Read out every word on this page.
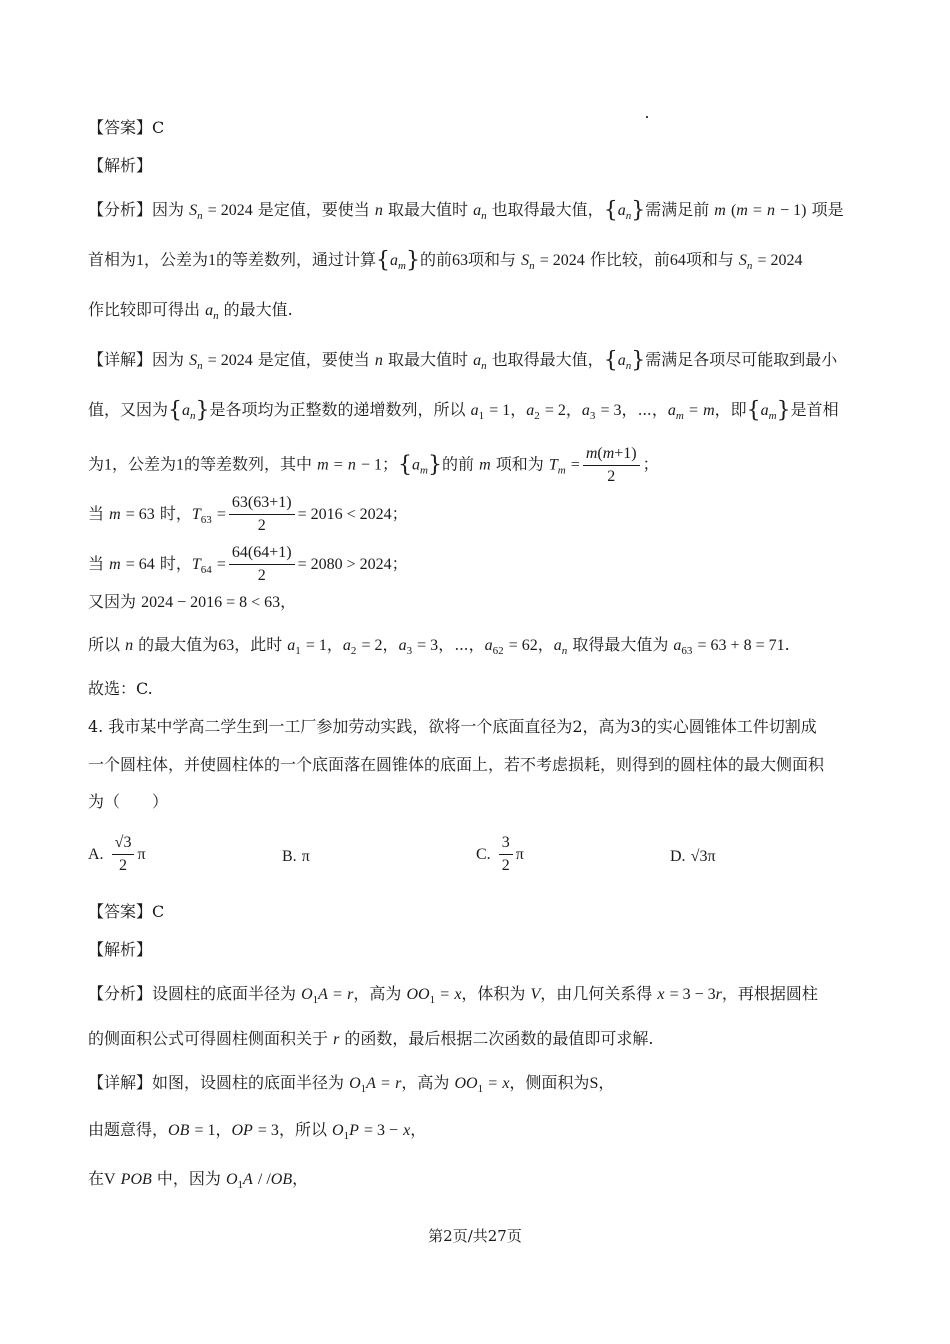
【答案】C
【解析】
【分析】因为 $S_n = 2024$ 是定值，要使当 n 取最大值时 $a_n$ 也取得最大值，$\{a_n\}$需满足前 m (m = n − 1) 项是
首相为1，公差为1的等差数列，通过计算$\{a_m\}$的前63项和与 $S_n = 2024$ 作比较，前64项和与 $S_n = 2024$
作比较即可得出 $a_n$ 的最大值.
【详解】因为 $S_n = 2024$ 是定值，要使当 n 取最大值时 $a_n$ 也取得最大值，$\{a_n\}$需满足各项尽可能取到最小
值，又因为$\{a_n\}$是各项均为正整数的递增数列，所以 $a_1 = 1$，$a_2 = 2$，$a_3 = 3$，⋯，$a_m = m$，即$\{a_m\}$是首相
为1，公差为1的等差数列，其中 m = n − 1；$\{a_m\}$的前 m 项和为 $T_m = \frac{m(m+1)}{2}$ ；
当 m = 63 时，$T_{63} = \frac{63(63+1)}{2} = 2016 < 2024$；
当 m = 64 时，$T_{64} = \frac{64(64+1)}{2} = 2080 > 2024$；
又因为 2024 − 2016 = 8 < 63，
所以 n 的最大值为63，此时 $a_1 = 1$，$a_2 = 2$，$a_3 = 3$，⋯，$a_{62} = 62$，$a_n$ 取得最大值为 $a_{63} = 63 + 8 = 71$.
故选：C.
4. 我市某中学高二学生到一工厂参加劳动实践，欲将一个底面直径为2，高为3的实心圆锥体工件切割成
一个圆柱体，并使圆柱体的一个底面落在圆锥体的底面上，若不考虑损耗，则得到的圆柱体的最大侧面积
为（　　）
A. $\frac{√3}{2}$ π	B. π	C. $\frac{3}{2}$ π	D. √3π
【答案】C
【解析】
【分析】设圆柱的底面半径为 $O_1A = r$，高为 $OO_1 = x$，体积为 V，由几何关系得 x = 3 − 3r，再根据圆柱
的侧面积公式可得圆柱侧面积关于 r 的函数，最后根据二次函数的最值即可求解.
【详解】如图，设圆柱的底面半径为 $O_1A = r$，高为 $OO_1 = x$，侧面积为S，
由题意得，OB = 1，OP = 3，所以 $O_1P = 3 - x$，
在V POB 中，因为 $O_1A / /OB$，
第2页/共27页
